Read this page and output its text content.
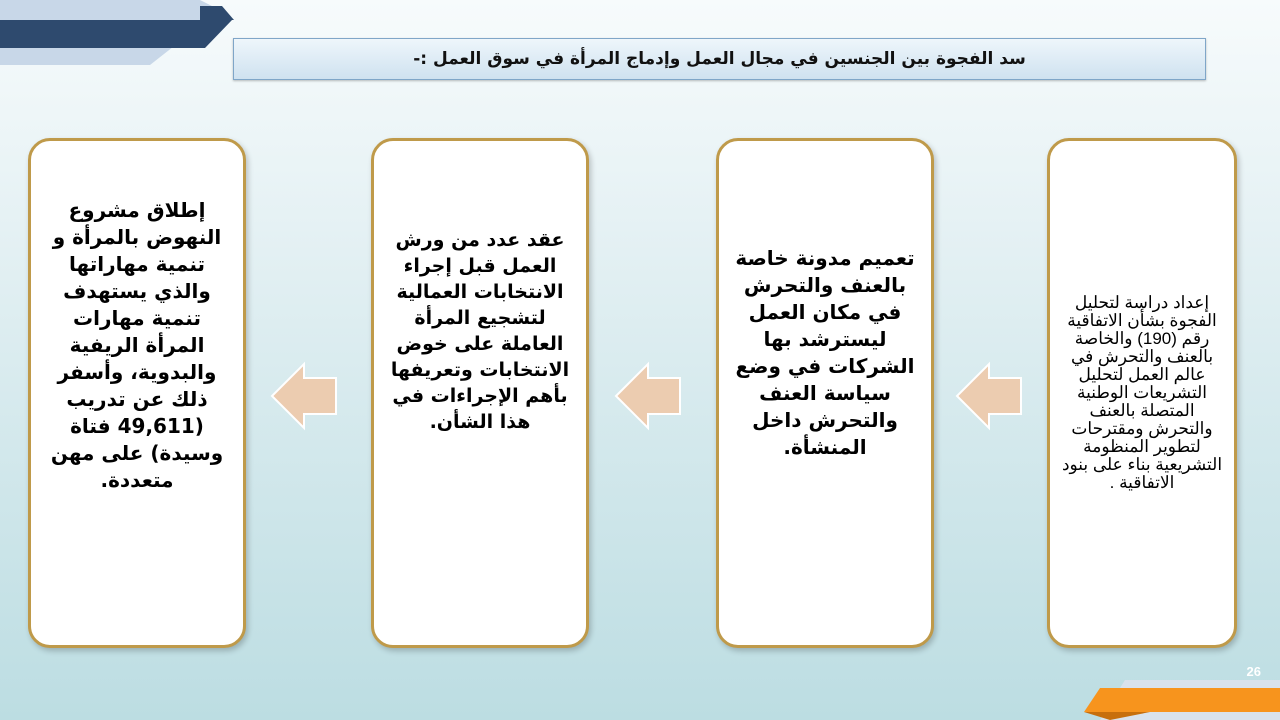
سد الفجوة بين الجنسين في مجال العمل وإدماج المرأة في سوق العمل :-
إعداد دراسة لتحليل الفجوة بشأن الاتفاقية رقم (190) والخاصة بالعنف والتحرش في عالم العمل لتحليل التشريعات الوطنية المتصلة بالعنف والتحرش ومقترحات لتطوير المنظومة التشريعية بناء على بنود الاتفاقية .
تعميم مدونة خاصة بالعنف والتحرش في مكان العمل ليسترشد بها الشركات في وضع سياسة العنف والتحرش داخل المنشأة.
عقد عدد من ورش العمل قبل إجراء الانتخابات العمالية لتشجيع المرأة العاملة على خوض الانتخابات وتعريفها بأهم الإجراءات في هذا الشأن.
إطلاق مشروع النهوض بالمرأة و تنمية مهاراتها والذي يستهدف تنمية مهارات المرأة الريفية والبدوية، وأسفر ذلك عن تدريب (49,611 فتاة وسيدة) على مهن متعددة.
26
